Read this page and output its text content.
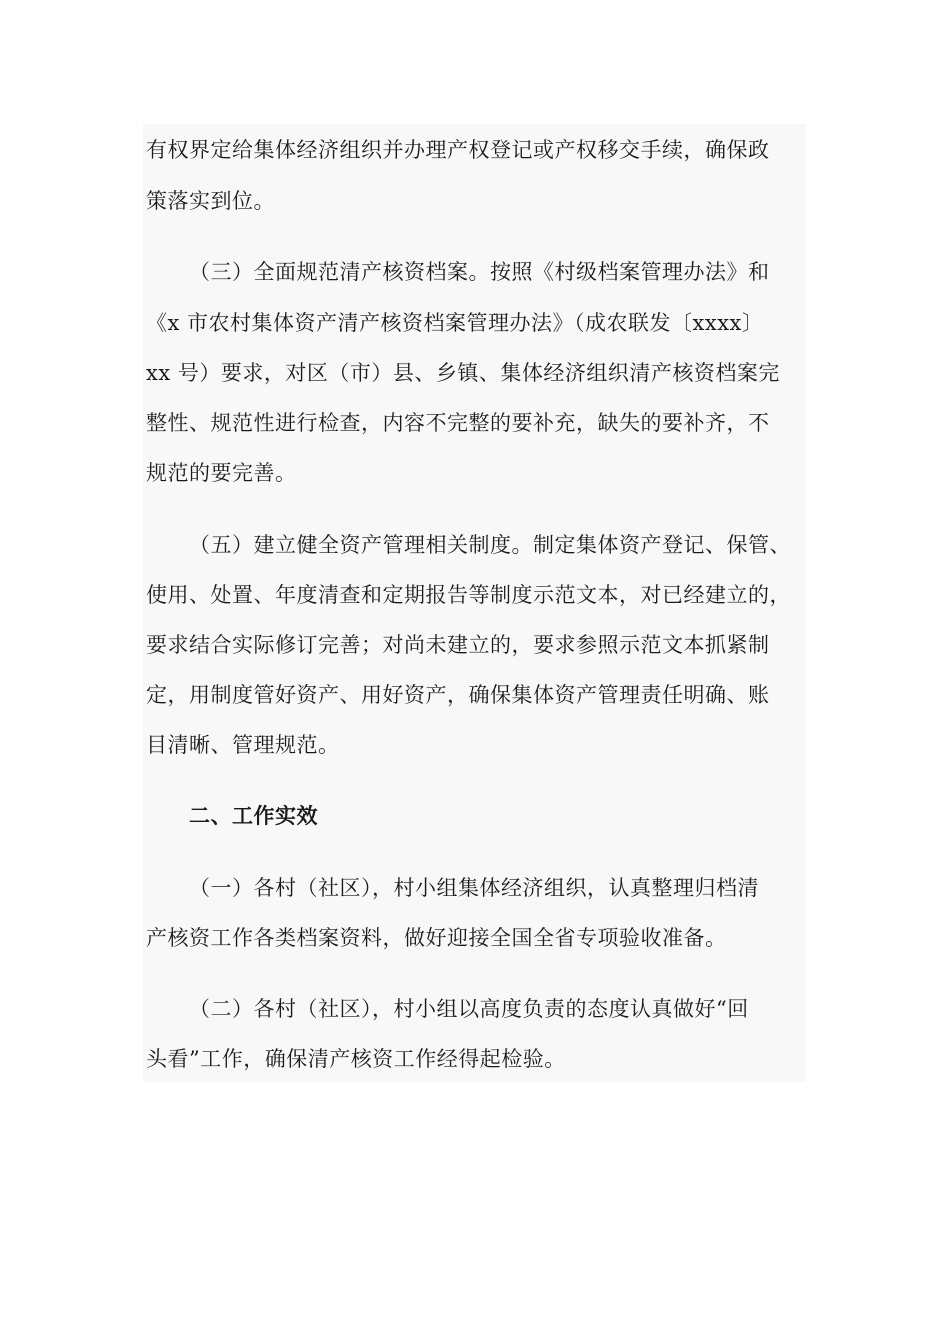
有权界定给集体经济组织并办理产权登记或产权移交手续，确保政
策落实到位。
（三）全面规范清产核资档案。按照《村级档案管理办法》和
《x 市农村集体资产清产核资档案管理办法》（成农联发〔xxxx〕
xx 号）要求，对区（市）县、乡镇、集体经济组织清产核资档案完
整性、规范性进行检查，内容不完整的要补充，缺失的要补齐，不
规范的要完善。
（五）建立健全资产管理相关制度。制定集体资产登记、保管、
使用、处置、年度清查和定期报告等制度示范文本，对已经建立的，
要求结合实际修订完善；对尚未建立的，要求参照示范文本抓紧制
定，用制度管好资产、用好资产，确保集体资产管理责任明确、账
目清晰、管理规范。
二、工作实效
（一）各村（社区），村小组集体经济组织，认真整理归档清
产核资工作各类档案资料，做好迎接全国全省专项验收准备。
（二）各村（社区），村小组以高度负责的态度认真做好“回
头看”工作，确保清产核资工作经得起检验。
